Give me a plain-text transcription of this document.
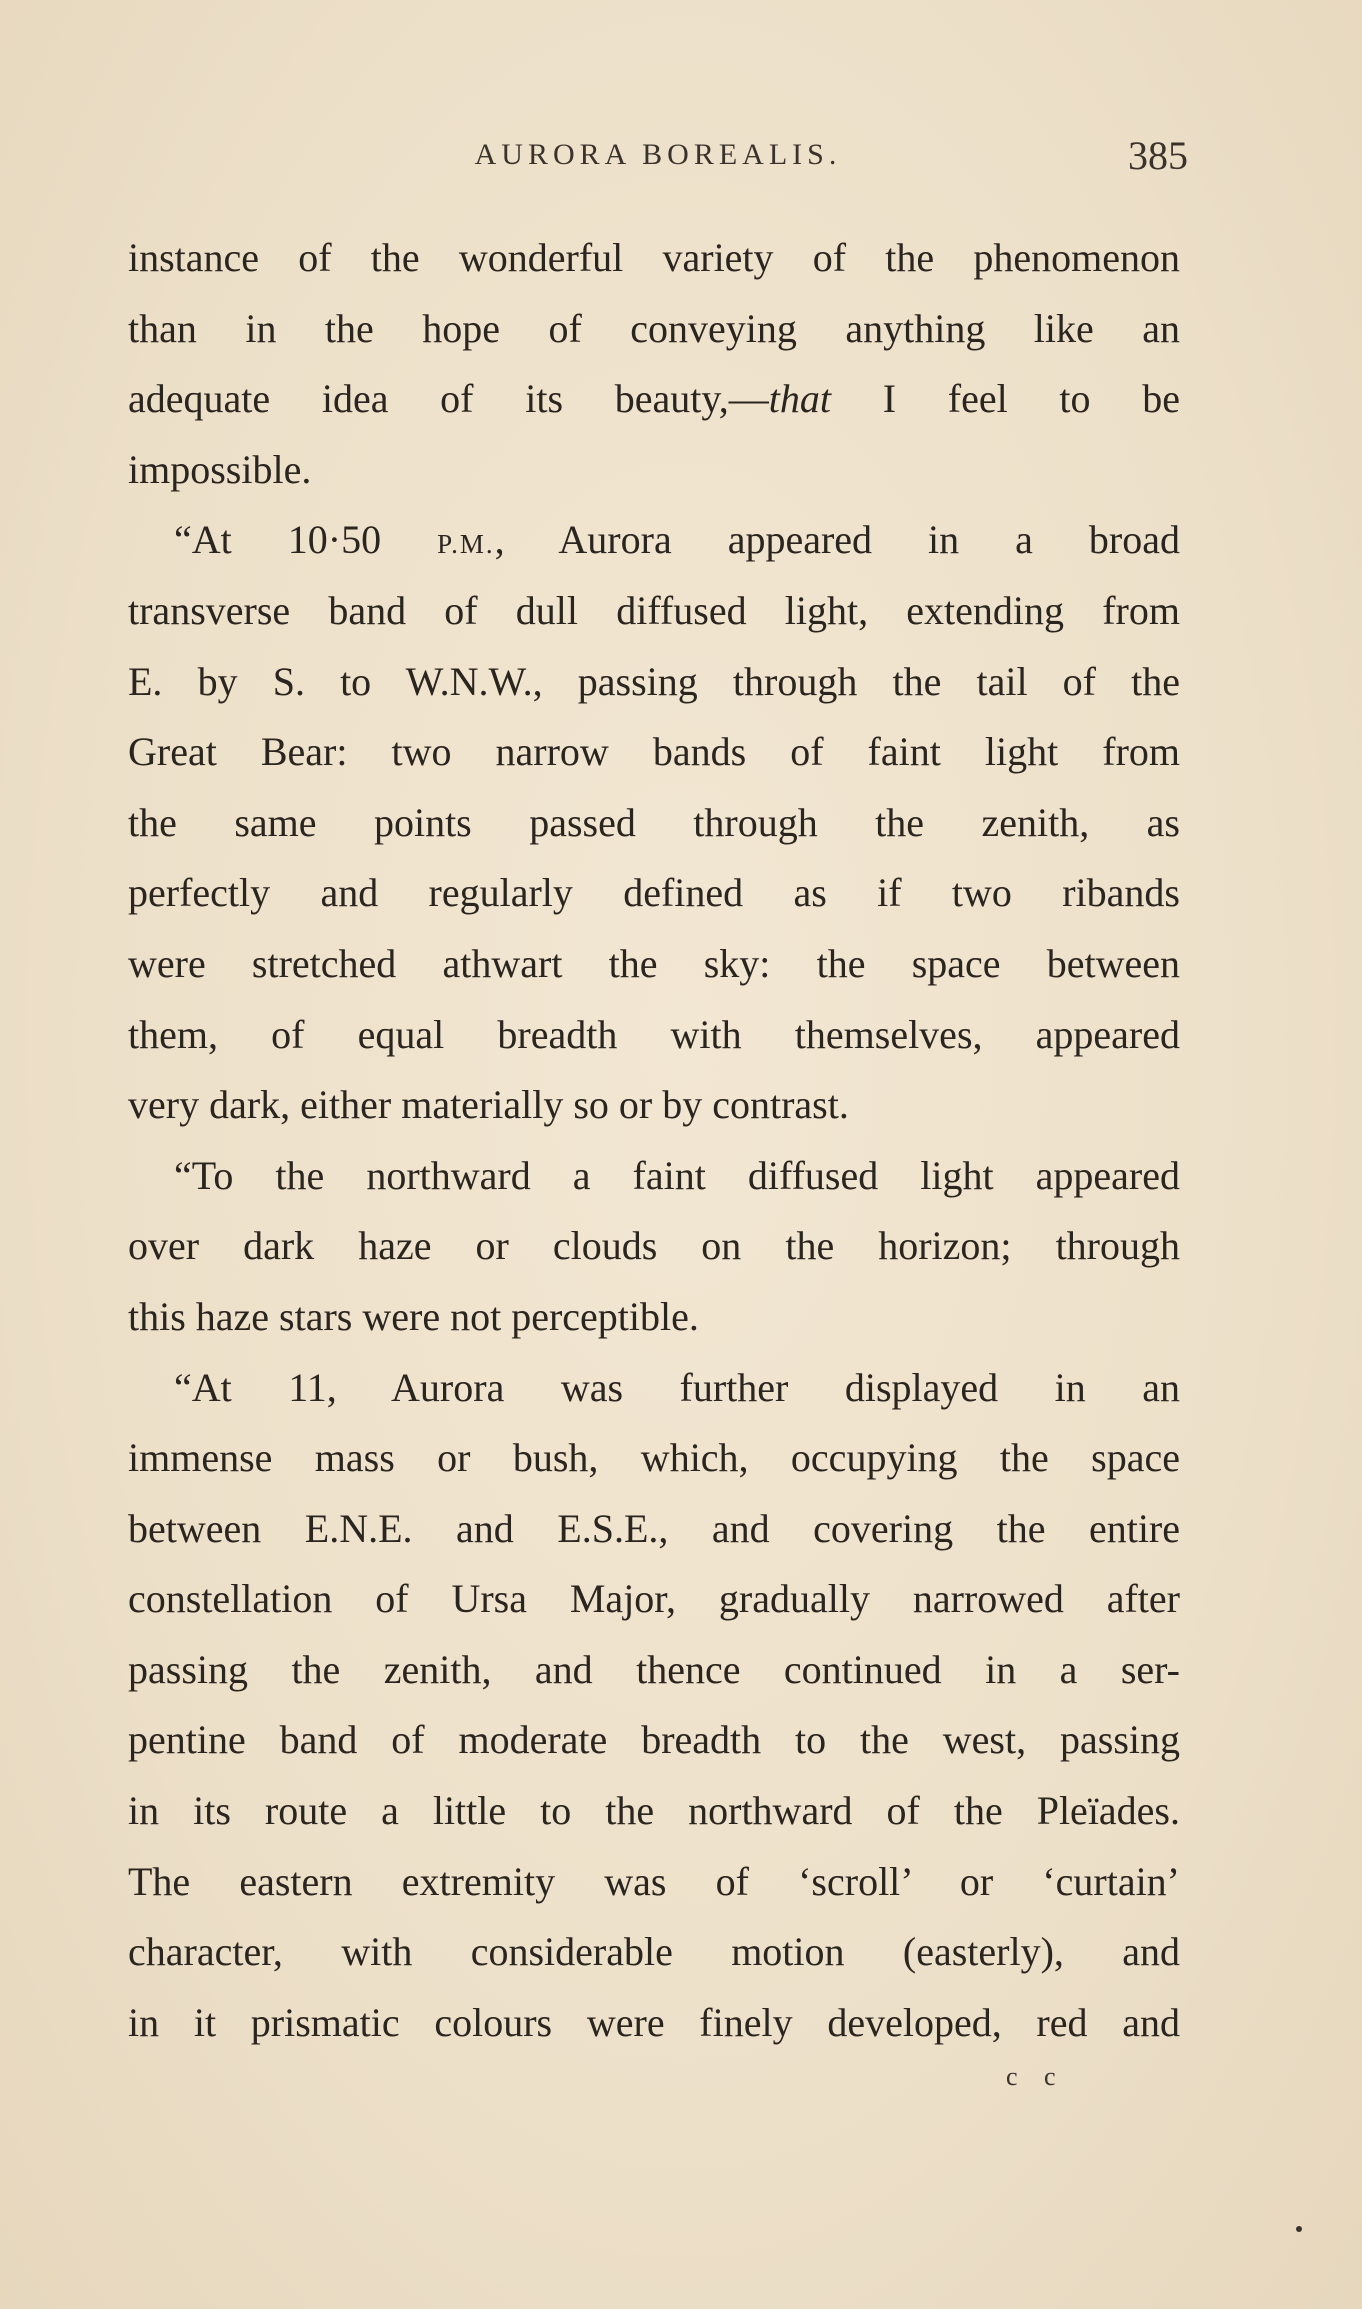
AURORA BOREALIS.	385
instance of the wonderful variety of the phenomenon
than in the hope of conveying anything like an
adequate idea of its beauty,—that I feel to be
impossible.
“At 10·50 P.M., Aurora appeared in a broad
transverse band of dull diffused light, extending from
E. by S. to W.N.W., passing through the tail of the
Great Bear: two narrow bands of faint light from
the same points passed through the zenith, as
perfectly and regularly defined as if two ribands
were stretched athwart the sky: the space between
them, of equal breadth with themselves, appeared
very dark, either materially so or by contrast.
“To the northward a faint diffused light appeared
over dark haze or clouds on the horizon; through
this haze stars were not perceptible.
“At 11, Aurora was further displayed in an
immense mass or bush, which, occupying the space
between E.N.E. and E.S.E., and covering the entire
constellation of Ursa Major, gradually narrowed after
passing the zenith, and thence continued in a ser-
pentine band of moderate breadth to the west, passing
in its route a little to the northward of the Pleïades.
The eastern extremity was of ‘scroll’ or ‘curtain’
character, with considerable motion (easterly), and
in it prismatic colours were finely developed, red and
c c
